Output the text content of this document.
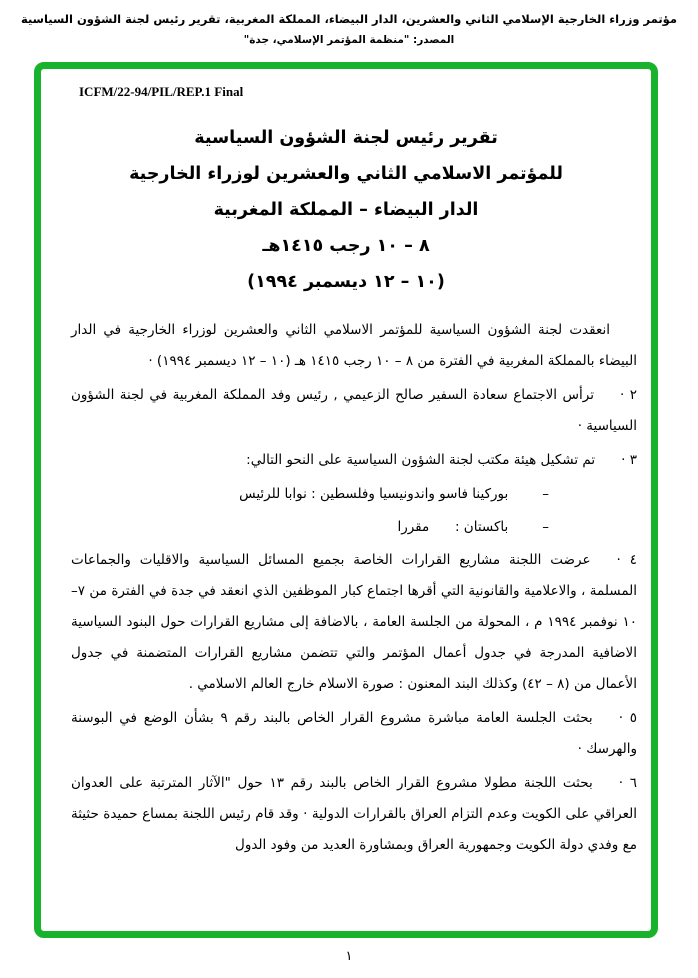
مؤتمر وزراء الخارجية الإسلامي الثاني والعشرين، الدار البيضاء، المملكة المغربية، تقرير رئيس لجنة الشؤون السياسية
المصدر: "منظمة المؤتمر الإسلامي، جدة"
ICFM/22-94/PIL/REP.1 Final
تقرير رئيس لجنة الشؤون السياسية
للمؤتمر الاسلامي الثاني والعشرين لوزراء الخارجية
الدار البيضاء – المملكة المغربية
٨ – ١٠ رجب ١٤١٥هـ
(١٠ – ١٢ ديسمبر ١٩٩٤)

انعقدت لجنة الشؤون السياسية للمؤتمر الاسلامي الثاني والعشرين لوزراء الخارجية في الدار البيضاء بالمملكة المغربية في الفترة من ٨ – ١٠ رجب ١٤١٥ هـ (١٠ – ١٢ ديسمبر ١٩٩٤) ·

٢ ·ترأس الاجتماع سعادة السفير صالح الزعيمي , رئيس وفد المملكة المغربية في لجنة الشؤون السياسية ·

٣ ·تم تشكيل هيئة مكتب لجنة الشؤون السياسية على النحو التالي:

–بوركينا فاسو واندونيسيا وفلسطين : نوابا للرئيس
–باكستان :      مقررا

٤ ·عرضت اللجنة مشاريع القرارات الخاصة بجميع المسائل السياسية والاقليات والجماعات المسلمة ، والاعلامية والقانونية التي أقرها اجتماع كبار الموظفين الذي انعقد في جدة في الفترة من ٧–١٠ نوفمبر ١٩٩٤ م ، المحولة من الجلسة العامة ، بالاضافة إلى مشاريع القرارات حول البنود السياسية الاضافية المدرجة في جدول أعمال المؤتمر والتي تتضمن مشاريع القرارات المتضمنة في جدول الأعمال من (٨ – ٤٢) وكذلك البند المعنون : صورة الاسلام خارج العالم الاسلامي .

٥ ·بحثت الجلسة العامة مباشرة مشروع القرار الخاص بالبند رقم ٩ بشأن الوضع في البوسنة والهرسك ·

٦ ·بحثت اللجنة مطولا مشروع القرار الخاص بالبند رقم ١٣ حول "الآثار المترتبة على العدوان العراقي على الكويت وعدم التزام العراق بالقرارات الدولية · وقد قام رئيس اللجنة بمساع حميدة حثيثة مع وفدي دولة الكويت وجمهورية العراق وبمشاورة العديد من وفود الدول

١
